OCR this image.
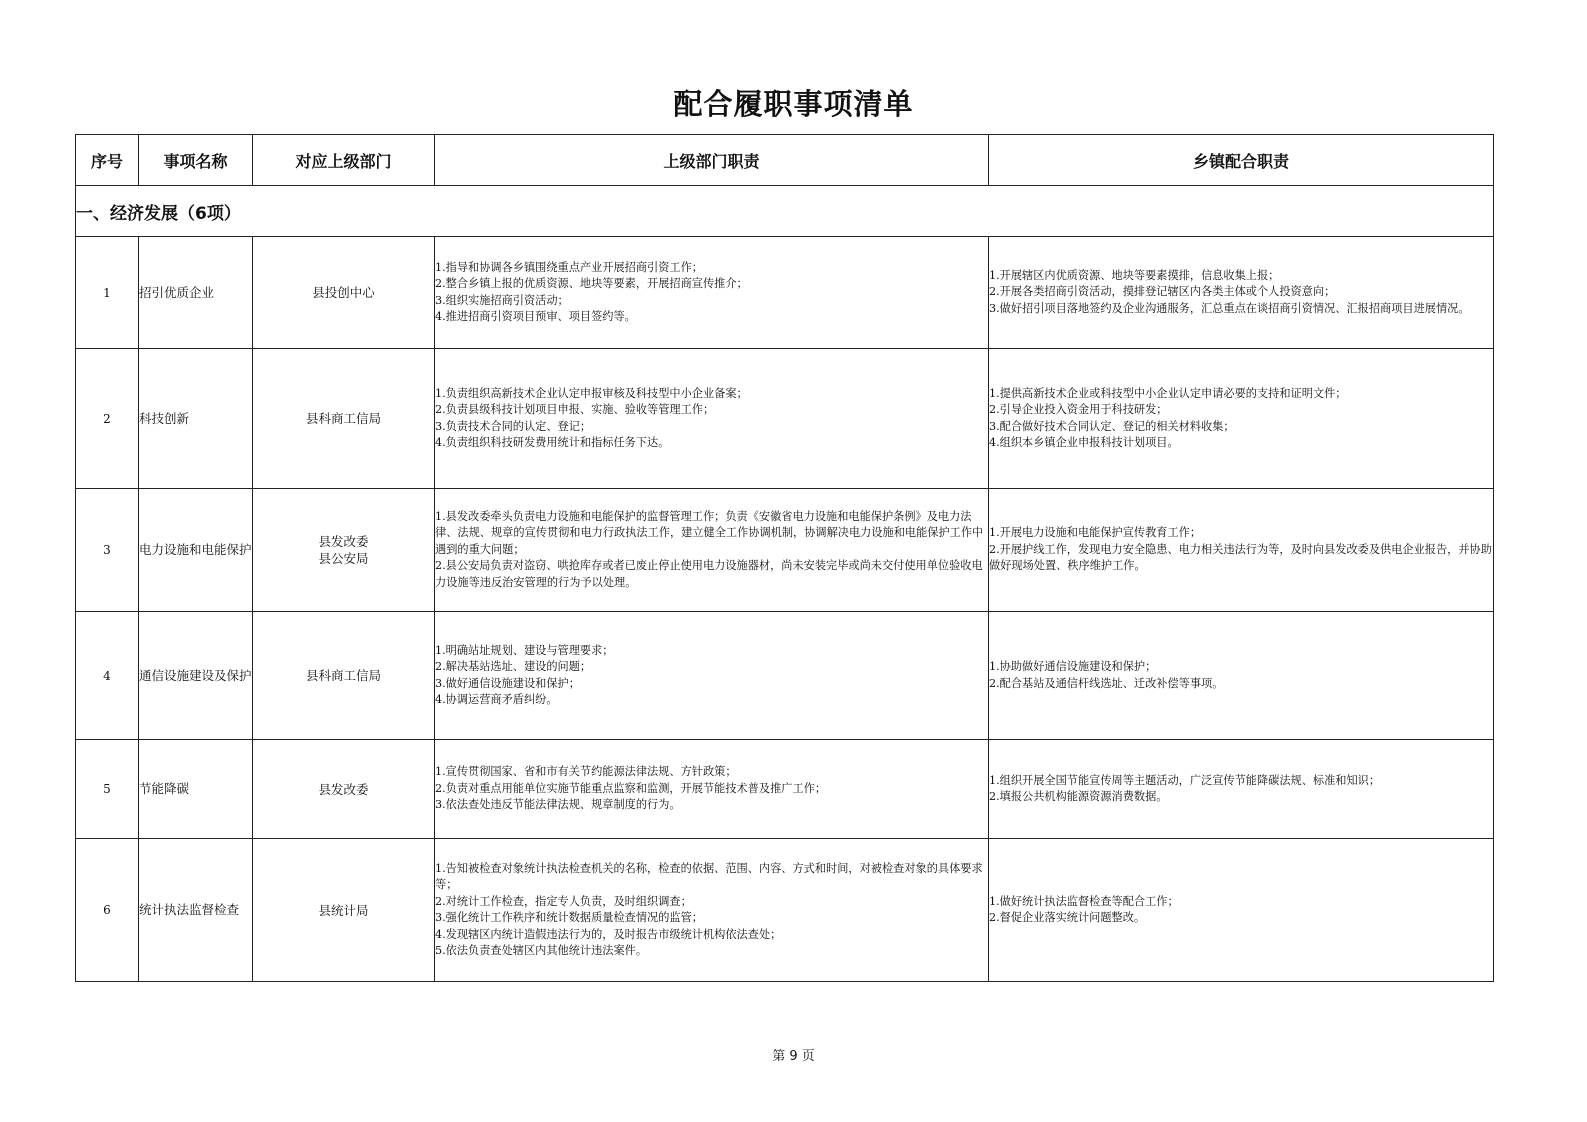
配合履职事项清单
序号	事项名称	对应上级部门	上级部门职责	乡镇配合职责
一、经济发展（6项）				
1	招引优质企业	县投创中心	1.指导和协调各乡镇围绕重点产业开展招商引资工作；
2.整合乡镇上报的优质资源、地块等要素，开展招商宣传推介；
3.组织实施招商引资活动；
4.推进招商引资项目预审、项目签约等。	1.开展辖区内优质资源、地块等要素摸排，信息收集上报；
2.开展各类招商引资活动，摸排登记辖区内各类主体或个人投资意向；
3.做好招引项目落地签约及企业沟通服务，汇总重点在谈招商引资情况、汇报招商项目进展情况。
2	科技创新	县科商工信局	1.负责组织高新技术企业认定申报审核及科技型中小企业备案；
2.负责县级科技计划项目申报、实施、验收等管理工作；
3.负责技术合同的认定、登记；
4.负责组织科技研发费用统计和指标任务下达。	1.提供高新技术企业或科技型中小企业认定申请必要的支持和证明文件；
2.引导企业投入资金用于科技研发；
3.配合做好技术合同认定、登记的相关材料收集；
4.组织本乡镇企业申报科技计划项目。
3	电力设施和电能保护	县发改委
县公安局	1.县发改委牵头负责电力设施和电能保护的监督管理工作；负责《安徽省电力设施和电能保护条例》及电力法律、法规、规章的宣传贯彻和电力行政执法工作，建立健全工作协调机制，协调解决电力设施和电能保护工作中遇到的重大问题；
2.县公安局负责对盗窃、哄抢库存或者已废止停止使用电力设施器材，尚未安装完毕或尚未交付使用单位验收电力设施等违反治安管理的行为予以处理。	1.开展电力设施和电能保护宣传教育工作；
2.开展护线工作，发现电力安全隐患、电力相关违法行为等，及时向县发改委及供电企业报告，并协助做好现场处置、秩序维护工作。
4	通信设施建设及保护	县科商工信局	1.明确站址规划、建设与管理要求；
2.解决基站选址、建设的问题；
3.做好通信设施建设和保护；
4.协调运营商矛盾纠纷。	1.协助做好通信设施建设和保护；
2.配合基站及通信杆线选址、迁改补偿等事项。
5	节能降碳	县发改委	1.宣传贯彻国家、省和市有关节约能源法律法规、方针政策；
2.负责对重点用能单位实施节能重点监察和监测，开展节能技术普及推广工作；
3.依法查处违反节能法律法规、规章制度的行为。	1.组织开展全国节能宣传周等主题活动，广泛宣传节能降碳法规、标准和知识；
2.填报公共机构能源资源消费数据。
6	统计执法监督检查	县统计局	1.告知被检查对象统计执法检查机关的名称，检查的依据、范围、内容、方式和时间，对被检查对象的具体要求等；
2.对统计工作检查，指定专人负责，及时组织调查；
3.强化统计工作秩序和统计数据质量检查情况的监管；
4.发现辖区内统计造假违法行为的，及时报告市级统计机构依法查处；
5.依法负责查处辖区内其他统计违法案件。	1.做好统计执法监督检查等配合工作；
2.督促企业落实统计问题整改。
第 9 页
